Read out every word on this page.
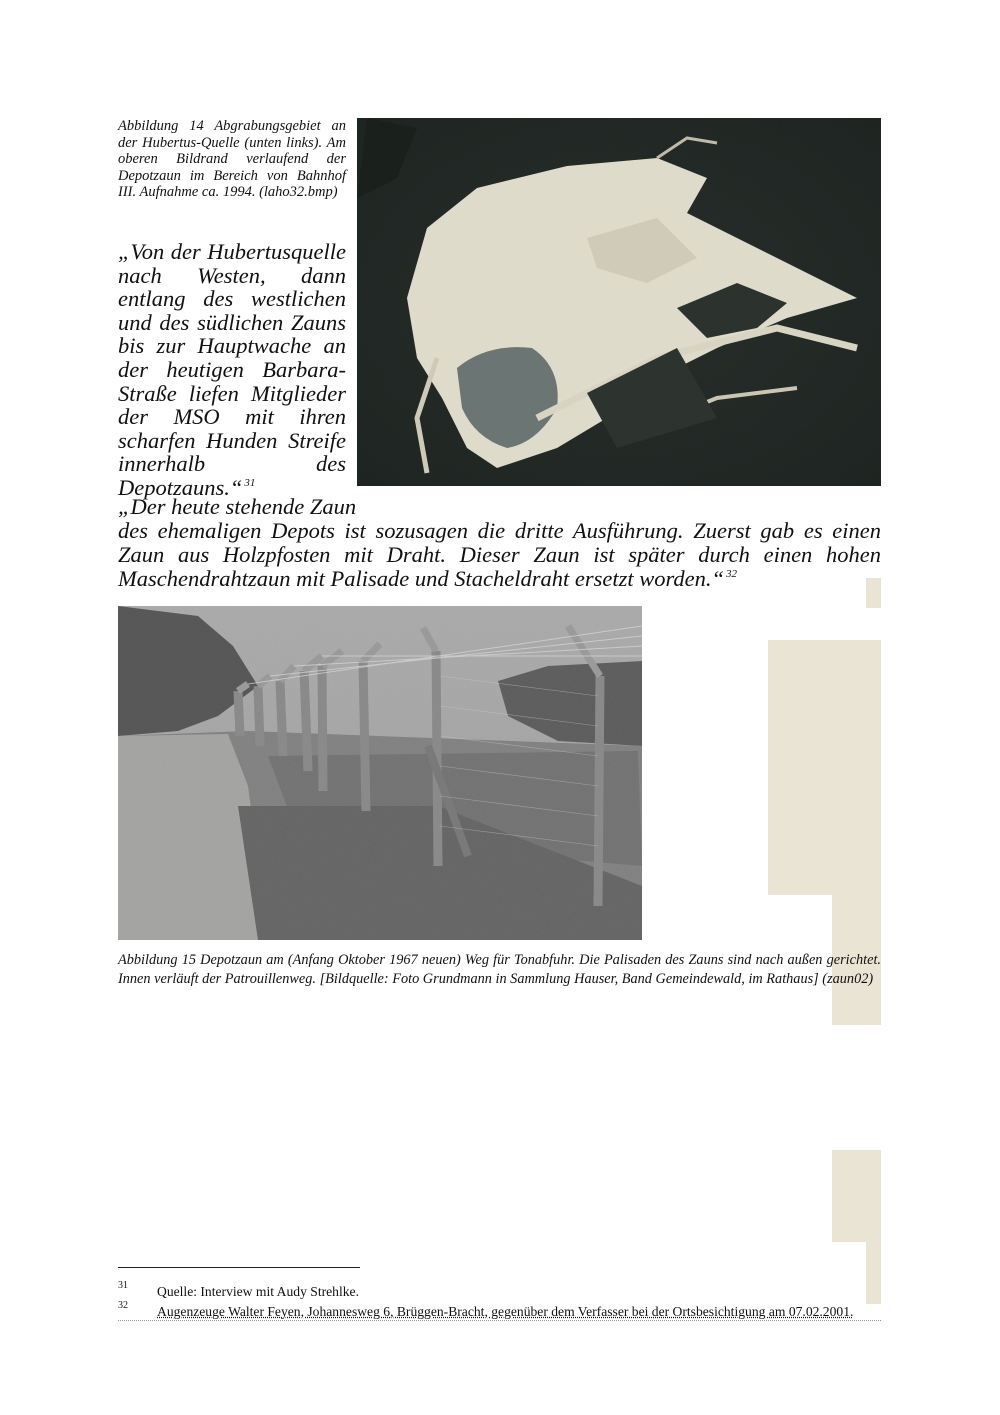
Abbildung 14 Abgrabungsgebiet an der Hubertus-Quelle (unten links). Am oberen Bildrand verlaufend der Depotzaun im Bereich von Bahnhof III. Aufnahme ca. 1994. (laho32.bmp)
„Von der Hubertusquelle nach Westen, dann entlang des westlichen und des südlichen Zauns bis zur Hauptwache an der heutigen Barbara-Straße liefen Mitglieder der MSO mit ihren scharfen Hunden Streife innerhalb des Depotzauns.“ $^{31}$
„Der heute stehende Zaun
des ehemaligen Depots ist sozusagen die dritte Ausführung. Zuerst gab es einen Zaun aus Holzpfosten mit Draht. Dieser Zaun ist später durch einen hohen Maschendrahtzaun mit Palisade und Stacheldraht ersetzt worden.“ $^{32}$
Abbildung 15 Depotzaun am (Anfang Oktober 1967 neuen) Weg für Tonabfuhr. Die Palisaden des Zauns sind nach außen gerichtet. Innen verläuft der Patrouillenweg. [Bildquelle: Foto Grundmann in Sammlung Hauser, Band Gemeindewald, im Rathaus] (zaun02)
31 Quelle: Interview mit Audy Strehlke.
32 Augenzeuge Walter Feyen, Johannesweg 6, Brüggen-Bracht, gegenüber dem Verfasser bei der Ortsbesichtigung am 07.02.2001.
